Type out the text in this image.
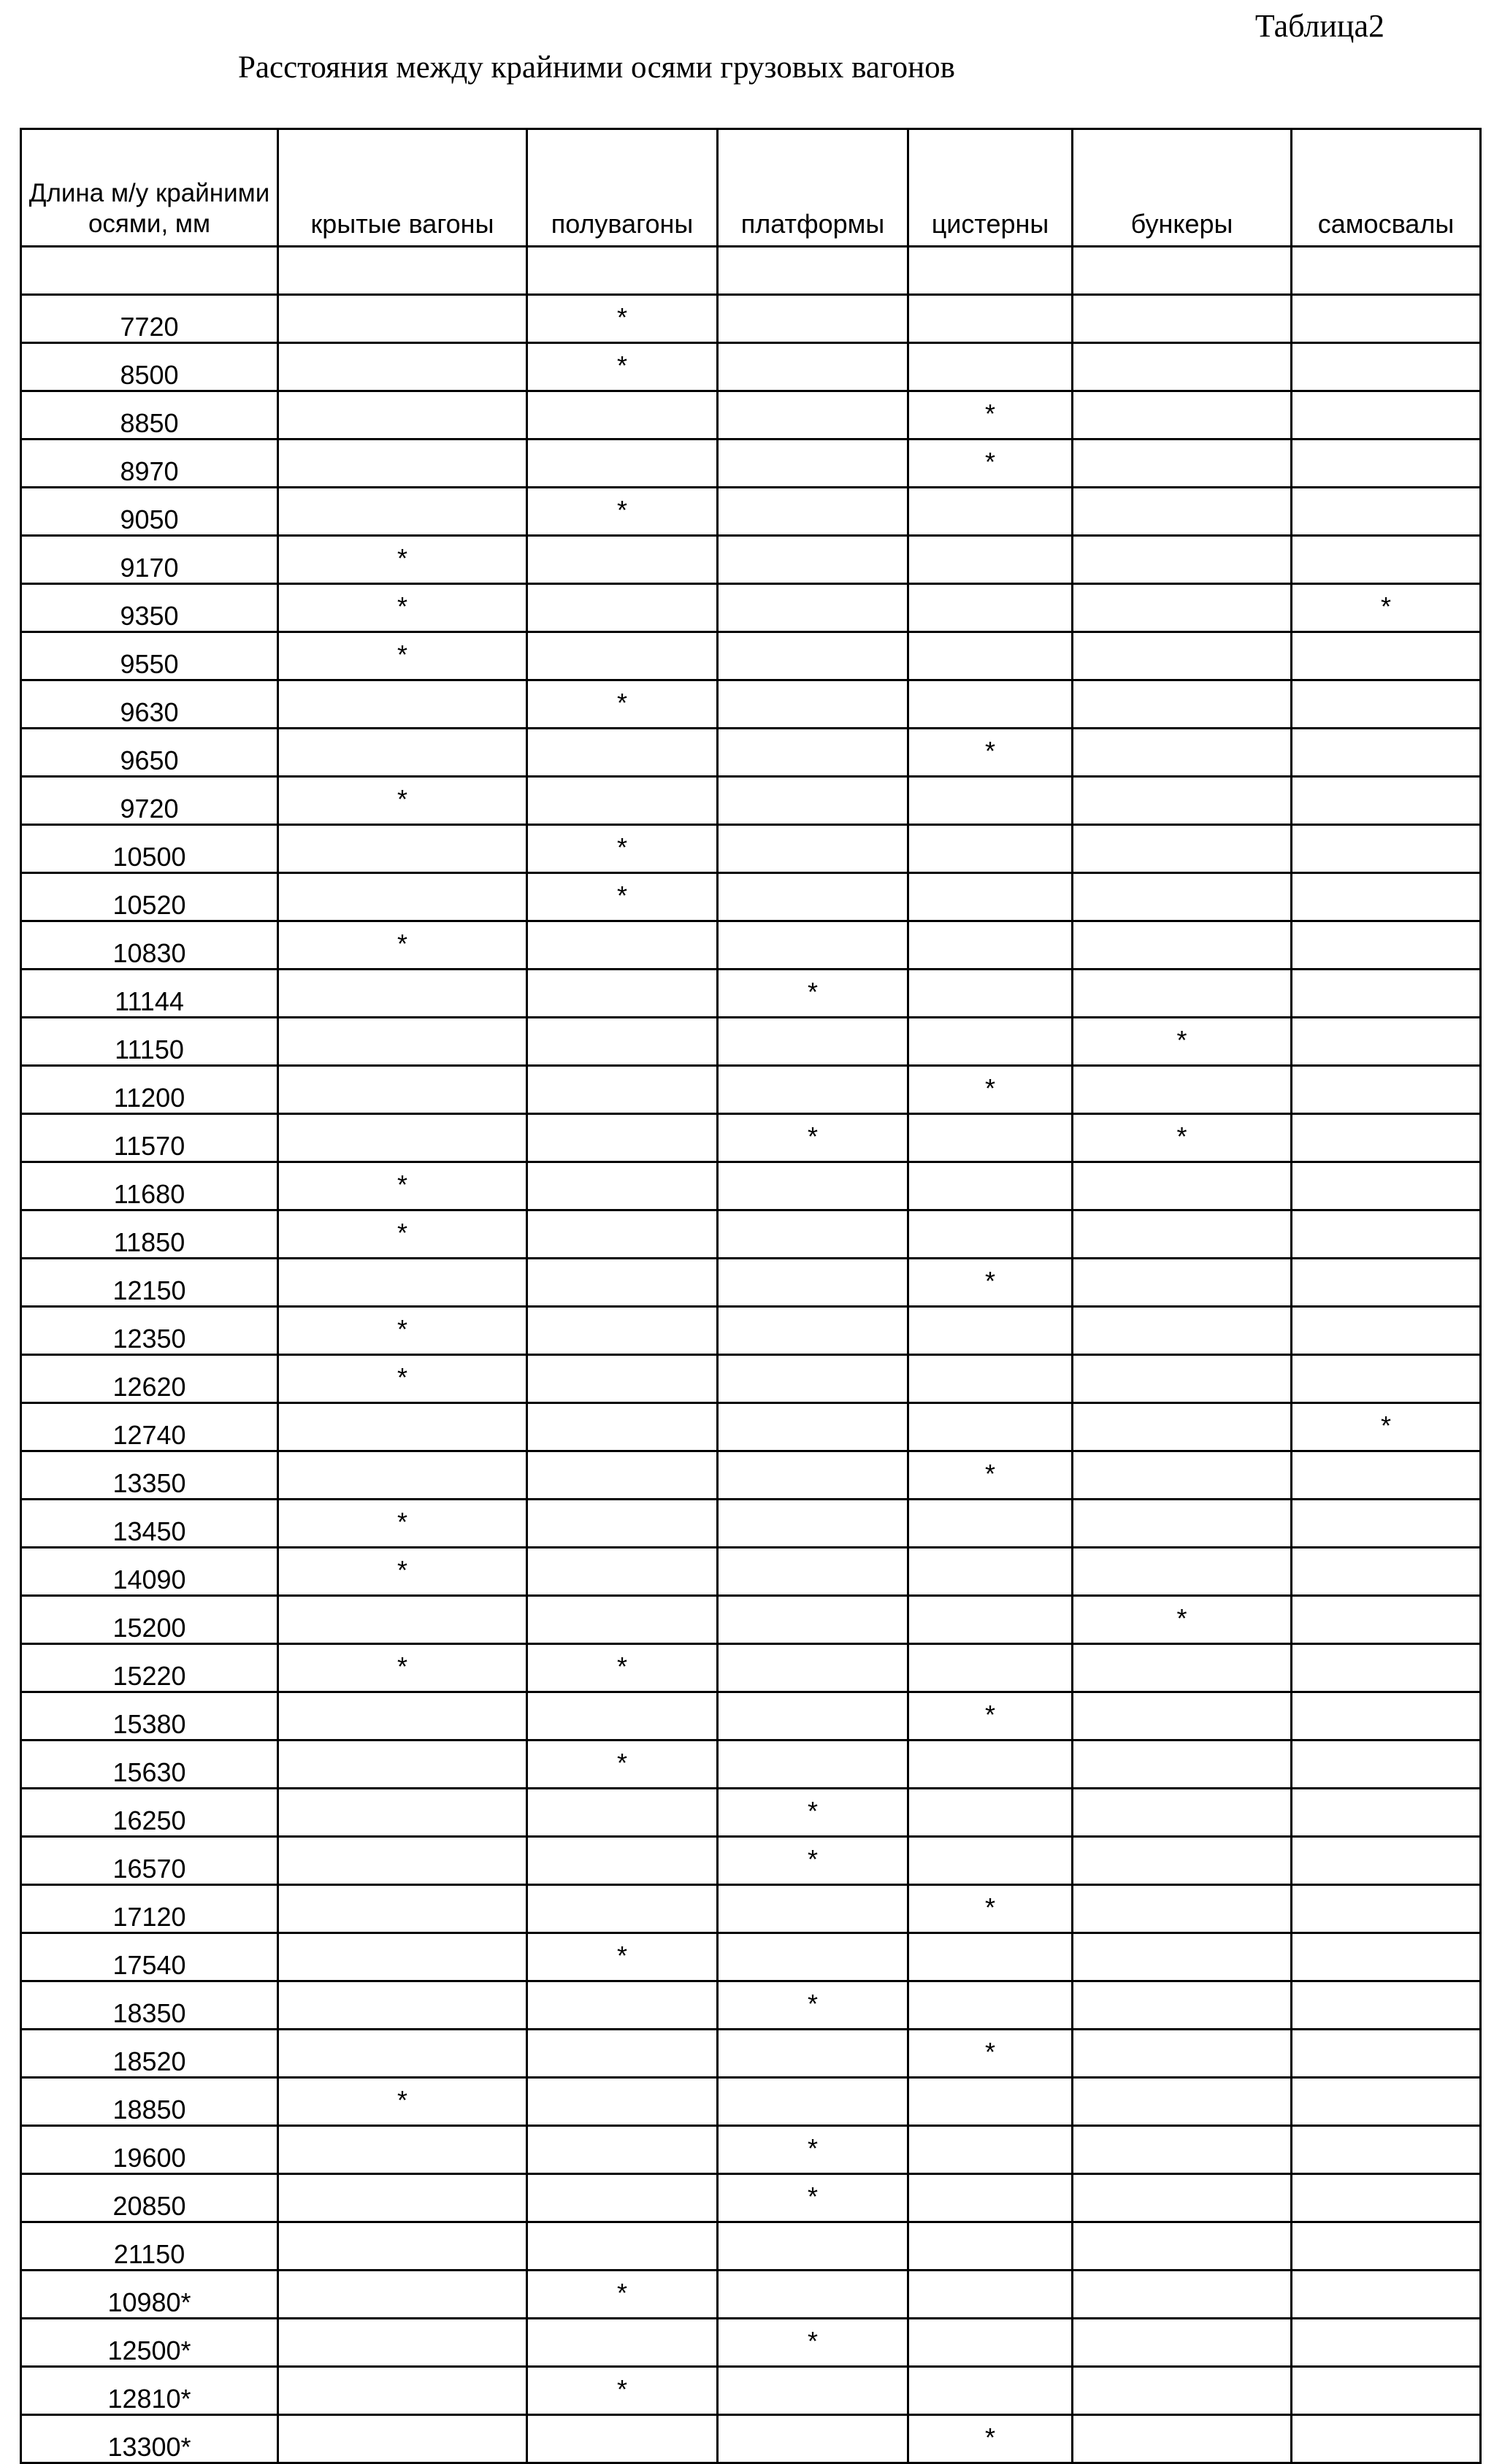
Таблица2
Расстояния между крайними осями грузовых вагонов
Длина м/у крайними осями, мм	крытые вагоны	полувагоны	платформы	цистерны	бункеры	самосвалы

7720		*				
8500		*				
8850				*		
8970				*		
9050		*				
9170	*					
9350	*					*
9550	*					
9630		*				
9650				*		
9720	*					
10500		*				
10520		*				
10830	*					
11144			*			
11150					*	
11200				*		
11570			*		*	
11680	*					
11850	*					
12150				*		
12350	*					
12620	*					
12740						*
13350				*		
13450	*					
14090	*					
15200					*	
15220	*	*				
15380				*		
15630		*				
16250			*			
16570			*			
17120				*		
17540		*				
18350			*			
18520				*		
18850	*					
19600			*			
20850			*			
21150						
10980*		*				
12500*			*			
12810*		*				
13300*				*		
